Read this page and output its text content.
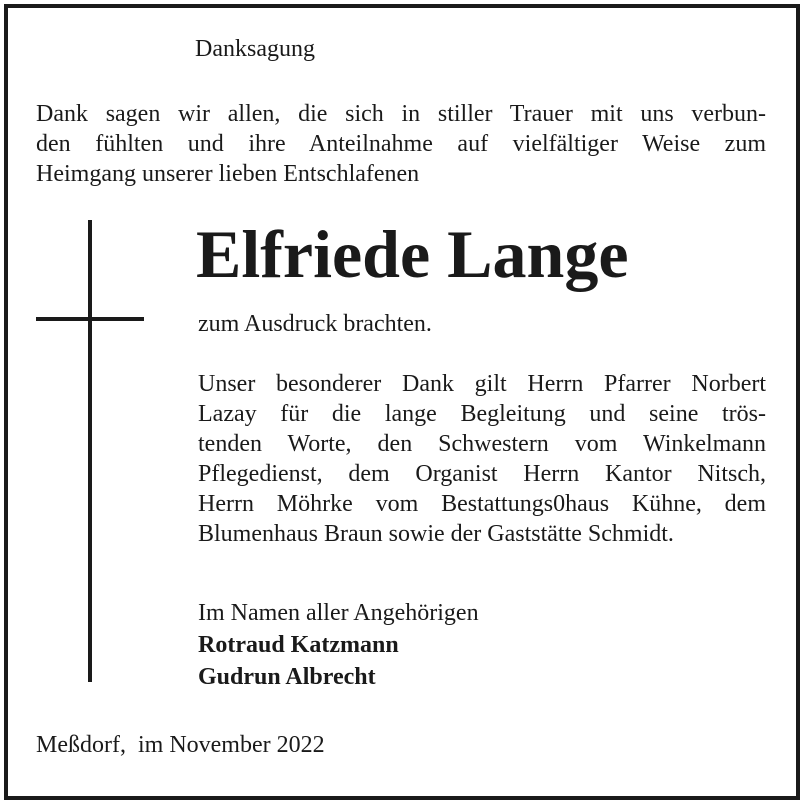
Danksagung
Dank sagen wir allen, die sich in stiller Trauer mit uns verbun-
den fühlten und ihre Anteilnahme auf vielfältiger Weise zum
Heimgang unserer lieben Entschlafenen
Elfriede Lange
zum Ausdruck brachten.
Unser besonderer Dank gilt Herrn Pfarrer Norbert
Lazay für die lange Begleitung und seine trös-
tenden Worte, den Schwestern vom Winkelmann
Pflegedienst, dem Organist Herrn Kantor Nitsch,
Herrn Möhrke vom Bestattungs0haus Kühne, dem
Blumenhaus Braun sowie der Gaststätte Schmidt.
Im Namen aller Angehörigen
Rotraud Katzmann
Gudrun Albrecht
Meßdorf,  im November 2022
